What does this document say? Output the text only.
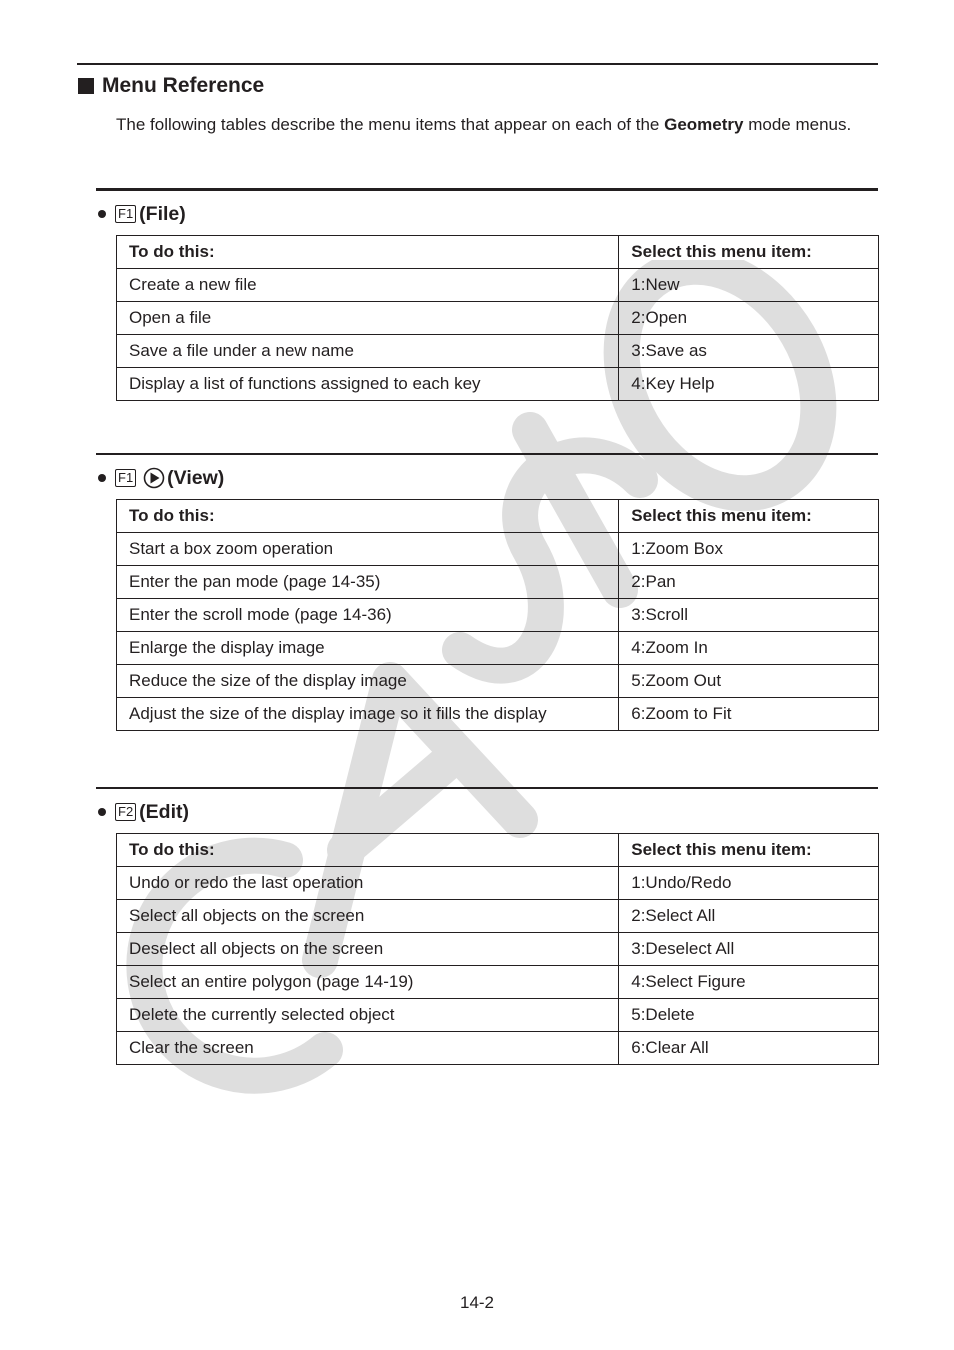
Menu Reference
The following tables describe the menu items that appear on each of the Geometry mode menus.
F1 (File)
To do this:	Select this menu item:
Create a new file	1:New
Open a file	2:Open
Save a file under a new name	3:Save as
Display a list of functions assigned to each key	4:Key Help
F1 (View)
To do this:	Select this menu item:
Start a box zoom operation	1:Zoom Box
Enter the pan mode (page 14-35)	2:Pan
Enter the scroll mode (page 14-36)	3:Scroll
Enlarge the display image	4:Zoom In
Reduce the size of the display image	5:Zoom Out
Adjust the size of the display image so it fills the display	6:Zoom to Fit
F2 (Edit)
To do this:	Select this menu item:
Undo or redo the last operation	1:Undo/Redo
Select all objects on the screen	2:Select All
Deselect all objects on the screen	3:Deselect All
Select an entire polygon (page 14-19)	4:Select Figure
Delete the currently selected object	5:Delete
Clear the screen	6:Clear All
14-2
